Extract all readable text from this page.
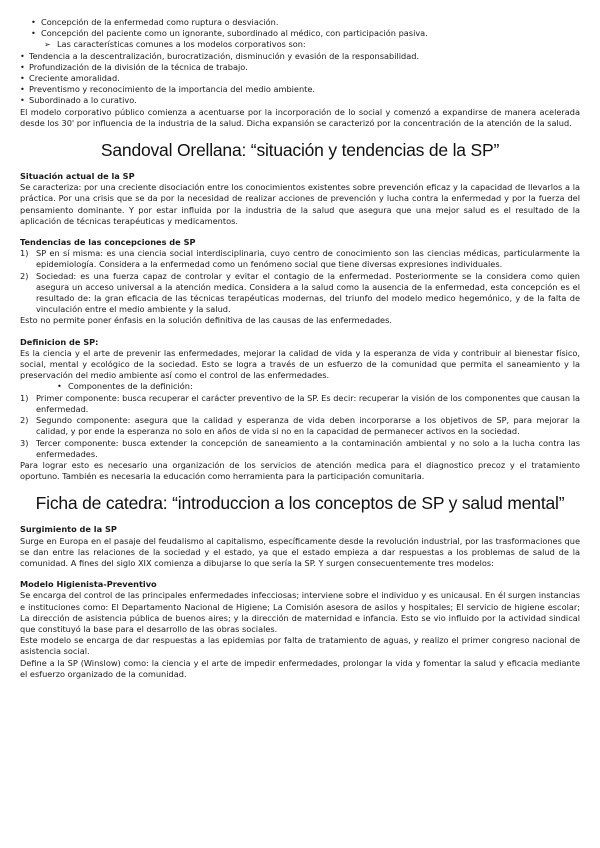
• Concepción de la enfermedad como ruptura o desviación.
• Concepción del paciente como un ignorante, subordinado al médico, con participación pasiva.
➢ Las características comunes a los modelos corporativos son:
• Tendencia a la descentralización, burocratización, disminución y evasión de la responsabilidad.
• Profundización de la división de la técnica de trabajo.
• Creciente amoralidad.
• Preventismo y reconocimiento de la importancia del medio ambiente.
• Subordinado a lo curativo.

El modelo corporativo público comienza a acentuarse por la incorporación de lo social y comenzó a expandirse de manera acelerada desde los 30' por influencia de la industria de la salud. Dicha expansión se caracterizó por la concentración de la atención de la salud.

Sandoval Orellana: “situación y tendencias de la SP”
Situación actual de la SP

Se caracteriza: por una creciente disociación entre los conocimientos existentes sobre prevención eficaz y la capacidad de llevarlos a la práctica. Por una crisis que se da por la necesidad de realizar acciones de prevención y lucha contra la enfermedad y por la fuerza del pensamiento dominante. Y por estar influida por la industria de la salud que asegura que una mejor salud es el resultado de la aplicación de técnicas terapéuticas y medicamentos.

Tendencias de las concepciones de SP
1) SP en sí misma: es una ciencia social interdisciplinaria, cuyo centro de conocimiento son las ciencias médicas, particularmente la epidemiología. Considera a la enfermedad como un fenómeno social que tiene diversas expresiones individuales.
2) Sociedad: es una fuerza capaz de controlar y evitar el contagio de la enfermedad. Posteriormente se la considera como quien asegura un acceso universal a la atención medica. Considera a la salud como la ausencia de la enfermedad, esta concepción es el resultado de: la gran eficacia de las técnicas terapéuticas modernas, del triunfo del modelo medico hegemónico, y de la falta de vinculación entre el medio ambiente y la salud.

Esto no permite poner énfasis en la solución definitiva de las causas de las enfermedades.

Definicion de SP:

Es la ciencia y el arte de prevenir las enfermedades, mejorar la calidad de vida y la esperanza de vida y contribuir al bienestar físico, social, mental y ecológico de la sociedad. Esto se logra a través de un esfuerzo de la comunidad que permita el saneamiento y la preservación del medio ambiente así como el control de las enfermedades.

• Componentes de la definición:
1) Primer componente: busca recuperar el carácter preventivo de la SP. Es decir: recuperar la visión de los componentes que causan la enfermedad.
2) Segundo componente: asegura que la calidad y esperanza de vida deben incorporarse a los objetivos de SP, para mejorar la calidad, y por ende la esperanza no solo en años de vida si no en la capacidad de permanecer activos en la sociedad.
3) Tercer componente: busca extender la concepción de saneamiento a la contaminación ambiental y no solo a la lucha contra las enfermedades.

Para lograr esto es necesario una organización de los servicios de atención medica para el diagnostico precoz y el tratamiento oportuno. También es necesaria la educación como herramienta para la participación comunitaria.

Ficha de catedra: “introduccion a los conceptos de SP y salud mental”
Surgimiento de la SP

Surge en Europa en el pasaje del feudalismo al capitalismo, específicamente desde la revolución industrial, por las trasformaciones que se dan entre las relaciones de la sociedad y el estado, ya que el estado empieza a dar respuestas a los problemas de salud de la comunidad. A fines del siglo XIX comienza a dibujarse lo que sería la SP. Y surgen consecuentemente tres modelos:

Modelo Higienista-Preventivo

Se encarga del control de las principales enfermedades infecciosas; interviene sobre el individuo y es unicausal. En él surgen instancias e instituciones como: El Departamento Nacional de Higiene; La Comisión asesora de asilos y hospitales; El servicio de higiene escolar; La dirección de asistencia pública de buenos aires; y la dirección de maternidad e infancia. Esto se vio influido por la actividad sindical que constituyó la base para el desarrollo de las obras sociales.

Este modelo se encarga de dar respuestas a las epidemias por falta de tratamiento de aguas, y realizo el primer congreso nacional de asistencia social.

Define a la SP (Winslow) como: la ciencia y el arte de impedir enfermedades, prolongar la vida y fomentar la salud y eficacia mediante el esfuerzo organizado de la comunidad.
